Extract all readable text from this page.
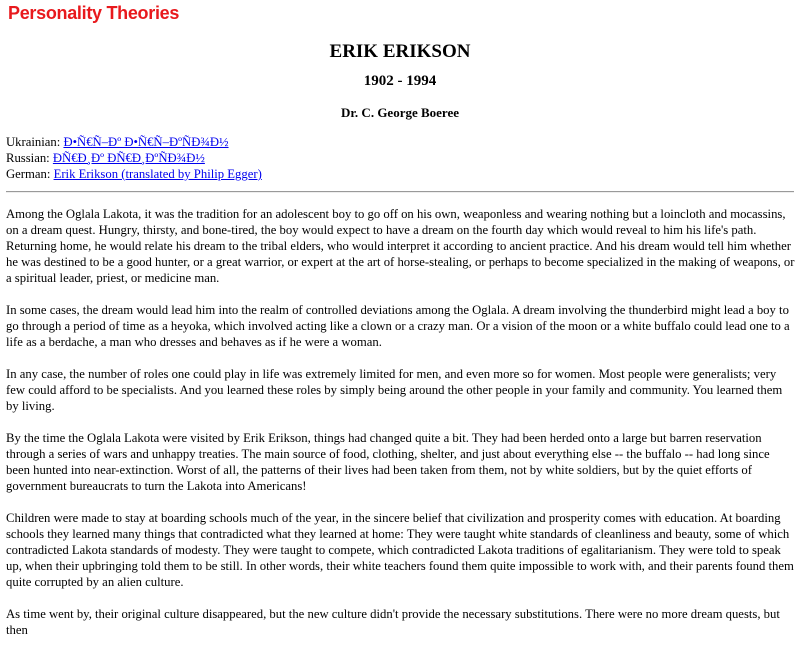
Personality Theories
ERIK ERIKSON
1902 - 1994
Dr. C. George Boeree
Ukrainian: Ð•Ñ€Ñ–Ðº Ð•Ñ€Ñ–ÐºÑÐ¾Ð½
Russian: ÐÑ€Ð¸Ðº ÐÑ€Ð¸ÐºÑÐ¾Ð½
German: Erik Erikson (translated by Philip Egger)

Among the Oglala Lakota, it was the tradition for an adolescent boy to go off on his own, weaponless and wearing nothing but a loincloth and mocassins, on a dream quest. Hungry, thirsty, and bone-tired, the boy would expect to have a dream on the fourth day which would reveal to him his life's path. Returning home, he would relate his dream to the tribal elders, who would interpret it according to ancient practice. And his dream would tell him whether he was destined to be a good hunter, or a great warrior, or expert at the art of horse-stealing, or perhaps to become specialized in the making of weapons, or a spiritual leader, priest, or medicine man.

In some cases, the dream would lead him into the realm of controlled deviations among the Oglala. A dream involving the thunderbird might lead a boy to go through a period of time as a heyoka, which involved acting like a clown or a crazy man. Or a vision of the moon or a white buffalo could lead one to a life as a berdache, a man who dresses and behaves as if he were a woman.

In any case, the number of roles one could play in life was extremely limited for men, and even more so for women. Most people were generalists; very few could afford to be specialists. And you learned these roles by simply being around the other people in your family and community. You learned them by living.

By the time the Oglala Lakota were visited by Erik Erikson, things had changed quite a bit. They had been herded onto a large but barren reservation through a series of wars and unhappy treaties. The main source of food, clothing, shelter, and just about everything else -- the buffalo -- had long since been hunted into near-extinction. Worst of all, the patterns of their lives had been taken from them, not by white soldiers, but by the quiet efforts of government bureaucrats to turn the Lakota into Americans!

Children were made to stay at boarding schools much of the year, in the sincere belief that civilization and prosperity comes with education. At boarding schools they learned many things that contradicted what they learned at home: They were taught white standards of cleanliness and beauty, some of which contradicted Lakota standards of modesty. They were taught to compete, which contradicted Lakota traditions of egalitarianism. They were told to speak up, when their upbringing told them to be still. In other words, their white teachers found them quite impossible to work with, and their parents found them quite corrupted by an alien culture.

As time went by, their original culture disappeared, but the new culture didn't provide the necessary substitutions. There were no more dream quests, but then
